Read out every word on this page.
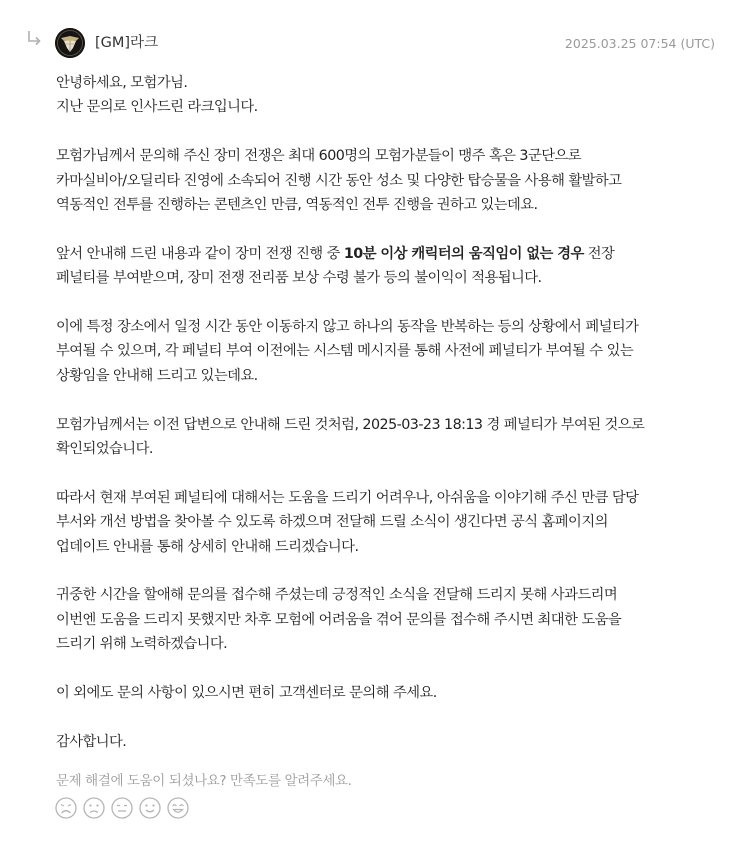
[GM]라크	2025.03.25 07:54 (UTC)

안녕하세요, 모험가님.
지난 문의로 인사드린 라크입니다.

모험가님께서 문의해 주신 장미 전쟁은 최대 600명의 모험가분들이 맹주 혹은 3군단으로
카마실비아/오딜리타 진영에 소속되어 진행 시간 동안 성소 및 다양한 탑승물을 사용해 활발하고
역동적인 전투를 진행하는 콘텐츠인 만큼, 역동적인 전투 진행을 권하고 있는데요.

앞서 안내해 드린 내용과 같이 장미 전쟁 진행 중 10분 이상 캐릭터의 움직임이 없는 경우 전장
페널티를 부여받으며, 장미 전쟁 전리품 보상 수령 불가 등의 불이익이 적용됩니다.

이에 특정 장소에서 일정 시간 동안 이동하지 않고 하나의 동작을 반복하는 등의 상황에서 페널티가
부여될 수 있으며, 각 페널티 부여 이전에는 시스템 메시지를 통해 사전에 페널티가 부여될 수 있는
상황임을 안내해 드리고 있는데요.

모험가님께서는 이전 답변으로 안내해 드린 것처럼, 2025-03-23 18:13 경 페널티가 부여된 것으로
확인되었습니다.

따라서 현재 부여된 페널티에 대해서는 도움을 드리기 어려우나, 아쉬움을 이야기해 주신 만큼 담당
부서와 개선 방법을 찾아볼 수 있도록 하겠으며 전달해 드릴 소식이 생긴다면 공식 홈페이지의
업데이트 안내를 통해 상세히 안내해 드리겠습니다.

귀중한 시간을 할애해 문의를 접수해 주셨는데 긍정적인 소식을 전달해 드리지 못해 사과드리며
이번엔 도움을 드리지 못했지만 차후 모험에 어려움을 겪어 문의를 접수해 주시면 최대한 도움을
드리기 위해 노력하겠습니다.

이 외에도 문의 사항이 있으시면 편히 고객센터로 문의해 주세요.

감사합니다.

문제 해결에 도움이 되셨나요? 만족도를 알려주세요.
